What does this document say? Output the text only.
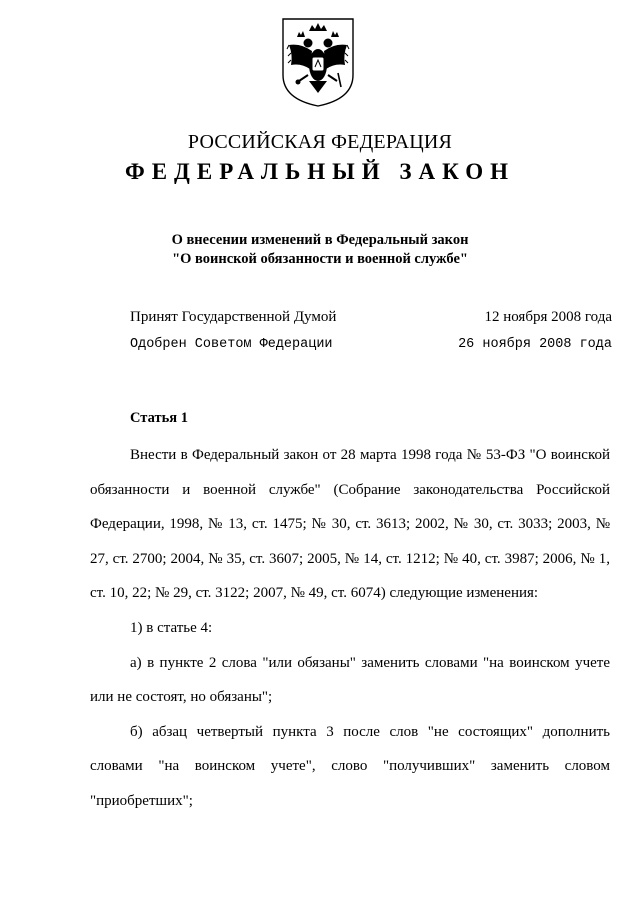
РОССИЙСКАЯ ФЕДЕРАЦИЯ
ФЕДЕРАЛЬНЫЙ ЗАКОН
О внесении изменений в Федеральный закон
"О воинской обязанности и военной службе"
Принят Государственной Думой	12 ноября 2008 года
Одобрен Советом Федерации	26 ноября 2008 года
Статья 1

Внести в Федеральный закон от 28 марта 1998 года № 53-ФЗ "О воинской обязанности и военной службе" (Собрание законодательства Российской Федерации, 1998, № 13, ст. 1475; № 30, ст. 3613; 2002, № 30, ст. 3033; 2003, № 27, ст. 2700; 2004, № 35, ст. 3607; 2005, № 14, ст. 1212; № 40, ст. 3987; 2006, № 1, ст. 10, 22; № 29, ст. 3122; 2007, № 49, ст. 6074) следующие изменения:

1) в статье 4:

а) в пункте 2 слова "или обязаны" заменить словами "на воинском учете или не состоят, но обязаны";

б) абзац четвертый пункта 3 после слов "не состоящих" дополнить словами "на воинском учете", слово "получивших" заменить словом "приобретших";
